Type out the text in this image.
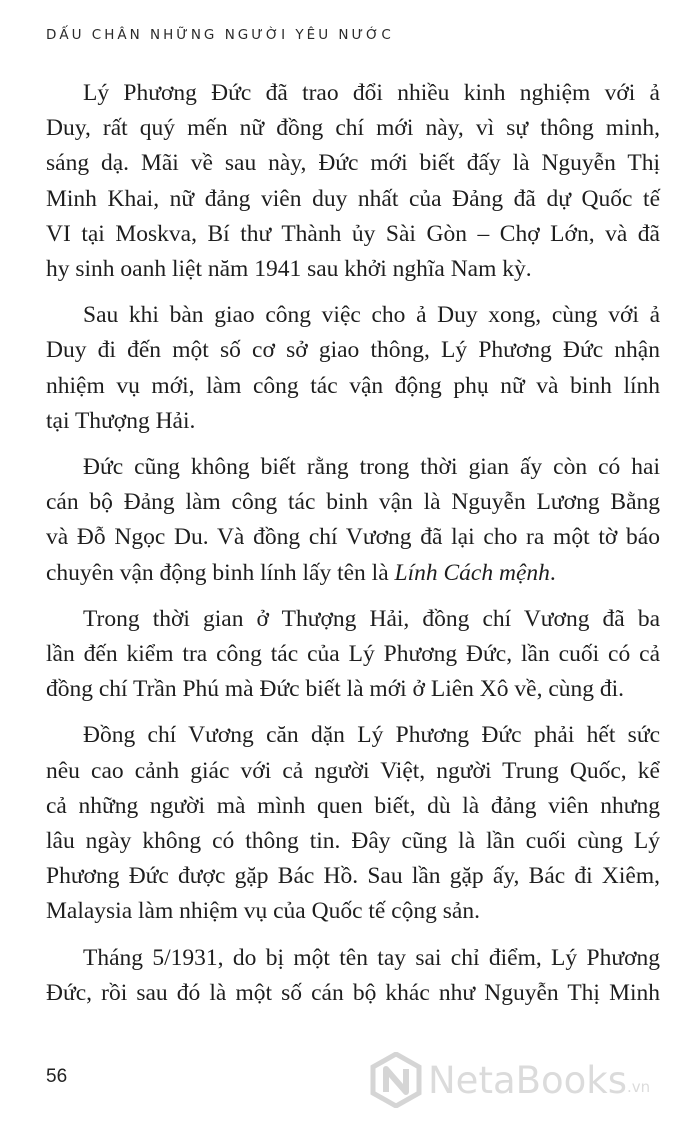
DẤU CHÂN NHỮNG NGƯỜI YÊU NƯỚC
Lý Phương Đức đã trao đổi nhiều kinh nghiệm với ả
Duy, rất quý mến nữ đồng chí mới này, vì sự thông minh,
sáng dạ. Mãi về sau này, Đức mới biết đấy là Nguyễn Thị
Minh Khai, nữ đảng viên duy nhất của Đảng đã dự Quốc tế
VI tại Moskva, Bí thư Thành ủy Sài Gòn – Chợ Lớn, và đã
hy sinh oanh liệt năm 1941 sau khởi nghĩa Nam kỳ.
Sau khi bàn giao công việc cho ả Duy xong, cùng với ả
Duy đi đến một số cơ sở giao thông, Lý Phương Đức nhận
nhiệm vụ mới, làm công tác vận động phụ nữ và binh lính
tại Thượng Hải.
Đức cũng không biết rằng trong thời gian ấy còn có hai
cán bộ Đảng làm công tác binh vận là Nguyễn Lương Bằng
và Đỗ Ngọc Du. Và đồng chí Vương đã lại cho ra một tờ báo
chuyên vận động binh lính lấy tên là Lính Cách mệnh.
Trong thời gian ở Thượng Hải, đồng chí Vương đã ba
lần đến kiểm tra công tác của Lý Phương Đức, lần cuối có cả
đồng chí Trần Phú mà Đức biết là mới ở Liên Xô về, cùng đi.
Đồng chí Vương căn dặn Lý Phương Đức phải hết sức
nêu cao cảnh giác với cả người Việt, người Trung Quốc, kể
cả những người mà mình quen biết, dù là đảng viên nhưng
lâu ngày không có thông tin. Đây cũng là lần cuối cùng Lý
Phương Đức được gặp Bác Hồ. Sau lần gặp ấy, Bác đi Xiêm,
Malaysia làm nhiệm vụ của Quốc tế cộng sản.
Tháng 5/1931, do bị một tên tay sai chỉ điểm, Lý Phương
Đức, rồi sau đó là một số cán bộ khác như Nguyễn Thị Minh
56	NetaBooks .vn
